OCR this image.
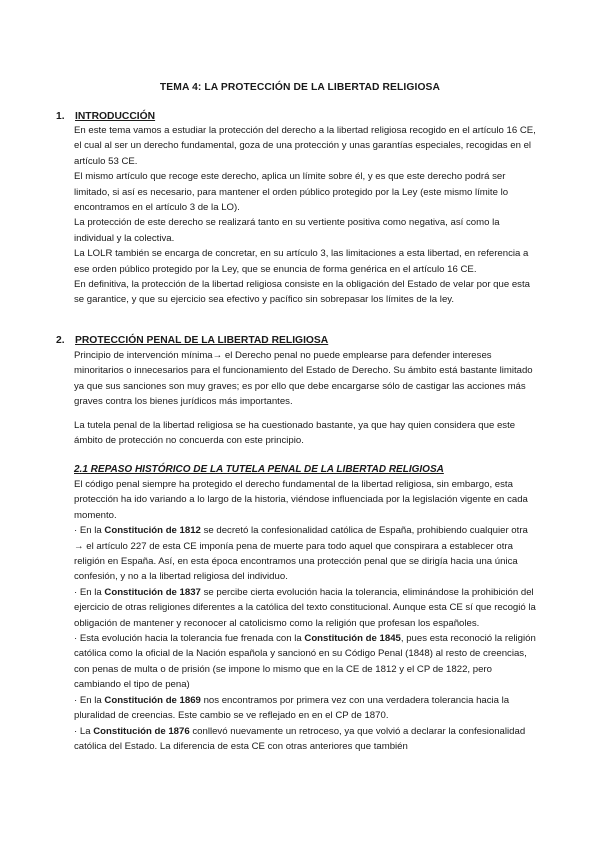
TEMA 4: LA PROTECCIÓN DE LA LIBERTAD RELIGIOSA
1. INTRODUCCIÓN

En este tema vamos a estudiar la protección del derecho a la libertad religiosa recogido en el artículo 16 CE, el cual al ser un derecho fundamental, goza de una protección y unas garantías especiales, recogidas en el artículo 53 CE.

El mismo artículo que recoge este derecho, aplica un límite sobre él, y es que este derecho podrá ser limitado, si así es necesario, para mantener el orden público protegido por la Ley (este mismo límite lo encontramos en el artículo 3 de la LO).

La protección de este derecho se realizará tanto en su vertiente positiva como negativa, así como la individual y la colectiva.

La LOLR también se encarga de concretar, en su artículo 3, las limitaciones a esta libertad, en referencia a ese orden público protegido por la Ley, que se enuncia de forma genérica en el artículo 16 CE.

En definitiva, la protección de la libertad religiosa consiste en la obligación del Estado de velar por que esta se garantice, y que su ejercicio sea efectivo y pacífico sin sobrepasar los límites de la ley.

2. PROTECCIÓN PENAL DE LA LIBERTAD RELIGIOSA

Principio de intervención mínima→ el Derecho penal no puede emplearse para defender intereses minoritarios o innecesarios para el funcionamiento del Estado de Derecho. Su ámbito está bastante limitado ya que sus sanciones son muy graves; es por ello que debe encargarse sólo de castigar las acciones más graves contra los bienes jurídicos más importantes.

La tutela penal de la libertad religiosa se ha cuestionado bastante, ya que hay quien considera que este ámbito de protección no concuerda con este principio.

2.1 REPASO HISTÓRICO DE LA TUTELA PENAL DE LA LIBERTAD RELIGIOSA

El código penal siempre ha protegido el derecho fundamental de la libertad religiosa, sin embargo, esta protección ha ido variando a lo largo de la historia, viéndose influenciada por la legislación vigente en cada momento.

· En la Constitución de 1812 se decretó la confesionalidad católica de España, prohibiendo cualquier otra → el artículo 227 de esta CE imponía pena de muerte para todo aquel que conspirara a establecer otra religión en España. Así, en esta época encontramos una protección penal que se dirigía hacia una única confesión, y no a la libertad religiosa del individuo.

· En la Constitución de 1837 se percibe cierta evolución hacia la tolerancia, eliminándose la prohibición del ejercicio de otras religiones diferentes a la católica del texto constitucional. Aunque esta CE sí que recogió la obligación de mantener y reconocer al catolicismo como la religión que profesan los españoles.

· Esta evolución hacia la tolerancia fue frenada con la Constitución de 1845, pues esta reconoció la religión católica como la oficial de la Nación española y sancionó en su Código Penal (1848) al resto de creencias, con penas de multa o de prisión (se impone lo mismo que en la CE de 1812 y el CP de 1822, pero cambiando el tipo de pena)

· En la Constitución de 1869 nos encontramos por primera vez con una verdadera tolerancia hacia la pluralidad de creencias. Este cambio se ve reflejado en en el CP de 1870.

· La Constitución de 1876 conllevó nuevamente un retroceso, ya que volvió a declarar la confesionalidad católica del Estado. La diferencia de esta CE con otras anteriores que también
